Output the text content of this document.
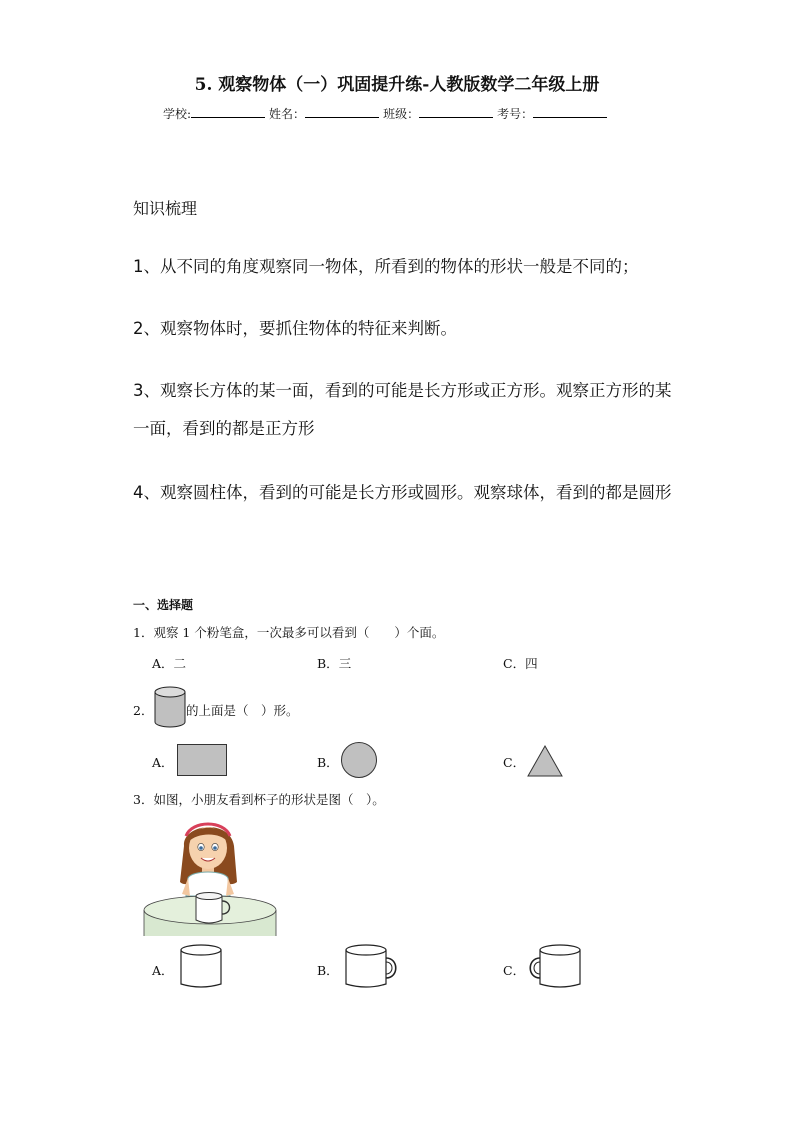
5. 观察物体（一）巩固提升练-人教版数学二年级上册
学校:	姓名：	班级：	考号：
知识梳理
1、从不同的角度观察同一物体，所看到的物体的形状一般是不同的；
2、观察物体时，要抓住物体的特征来判断。
3、观察长方体的某一面，看到的可能是长方形或正方形。观察正方形的某一面，看到的都是正方形
4、观察圆柱体，看到的可能是长方形或圆形。观察球体，看到的都是圆形
一、选择题
1．观察 1 个粉笔盒，一次最多可以看到（　　）个面。
A．二	B．三	C．四
2．	的上面是（　）形。
A．	B．	C．
3．如图，小朋友看到杯子的形状是图（　）。
A．	B．	C．
